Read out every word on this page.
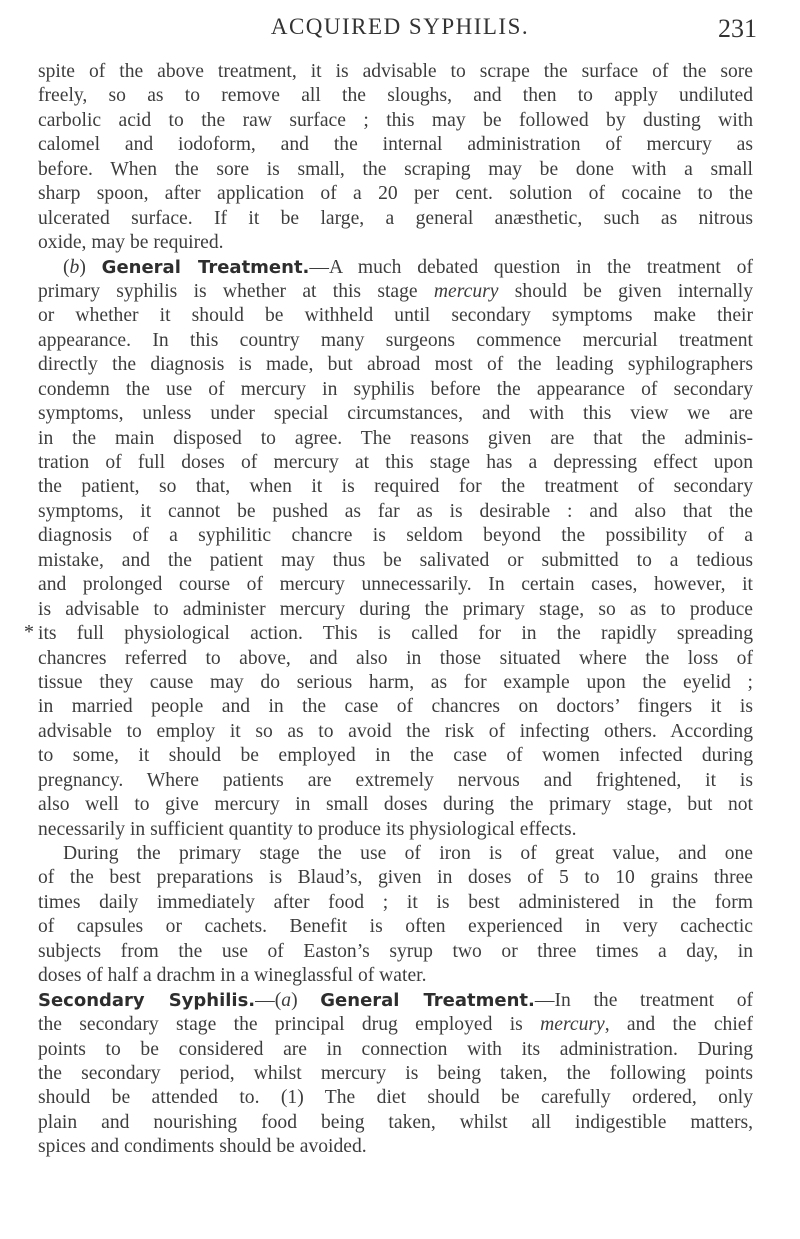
ACQUIRED SYPHILIS.	231
*
spite of the above treatment, it is advisable to scrape the surface of the sore
freely, so as to remove all the sloughs, and then to apply undiluted
carbolic acid to the raw surface ; this may be followed by dusting with
calomel and iodoform, and the internal administration of mercury as
before. When the sore is small, the scraping may be done with a small
sharp spoon, after application of a 20 per cent. solution of cocaine to the
ulcerated surface. If it be large, a general anæsthetic, such as nitrous
oxide, may be required.
(b) General Treatment.—A much debated question in the treatment of
primary syphilis is whether at this stage mercury should be given internally
or whether it should be withheld until secondary symptoms make their
appearance. In this country many surgeons commence mercurial treatment
directly the diagnosis is made, but abroad most of the leading syphilographers
condemn the use of mercury in syphilis before the appearance of secondary
symptoms, unless under special circumstances, and with this view we are
in the main disposed to agree. The reasons given are that the adminis-
tration of full doses of mercury at this stage has a depressing effect upon
the patient, so that, when it is required for the treatment of secondary
symptoms, it cannot be pushed as far as is desirable : and also that the
diagnosis of a syphilitic chancre is seldom beyond the possibility of a
mistake, and the patient may thus be salivated or submitted to a tedious
and prolonged course of mercury unnecessarily. In certain cases, however, it
is advisable to administer mercury during the primary stage, so as to produce
its full physiological action. This is called for in the rapidly spreading
chancres referred to above, and also in those situated where the loss of
tissue they cause may do serious harm, as for example upon the eyelid ;
in married people and in the case of chancres on doctors’ fingers it is
advisable to employ it so as to avoid the risk of infecting others. According
to some, it should be employed in the case of women infected during
pregnancy. Where patients are extremely nervous and frightened, it is
also well to give mercury in small doses during the primary stage, but not
necessarily in sufficient quantity to produce its physiological effects.
During the primary stage the use of iron is of great value, and one
of the best preparations is Blaud’s, given in doses of 5 to 10 grains three
times daily immediately after food ; it is best administered in the form
of capsules or cachets. Benefit is often experienced in very cachectic
subjects from the use of Easton’s syrup two or three times a day, in
doses of half a drachm in a wineglassful of water.
Secondary Syphilis.—(a) General Treatment.—In the treatment of
the secondary stage the principal drug employed is mercury, and the chief
points to be considered are in connection with its administration. During
the secondary period, whilst mercury is being taken, the following points
should be attended to. (1) The diet should be carefully ordered, only
plain and nourishing food being taken, whilst all indigestible matters,
spices and condiments should be avoided.
